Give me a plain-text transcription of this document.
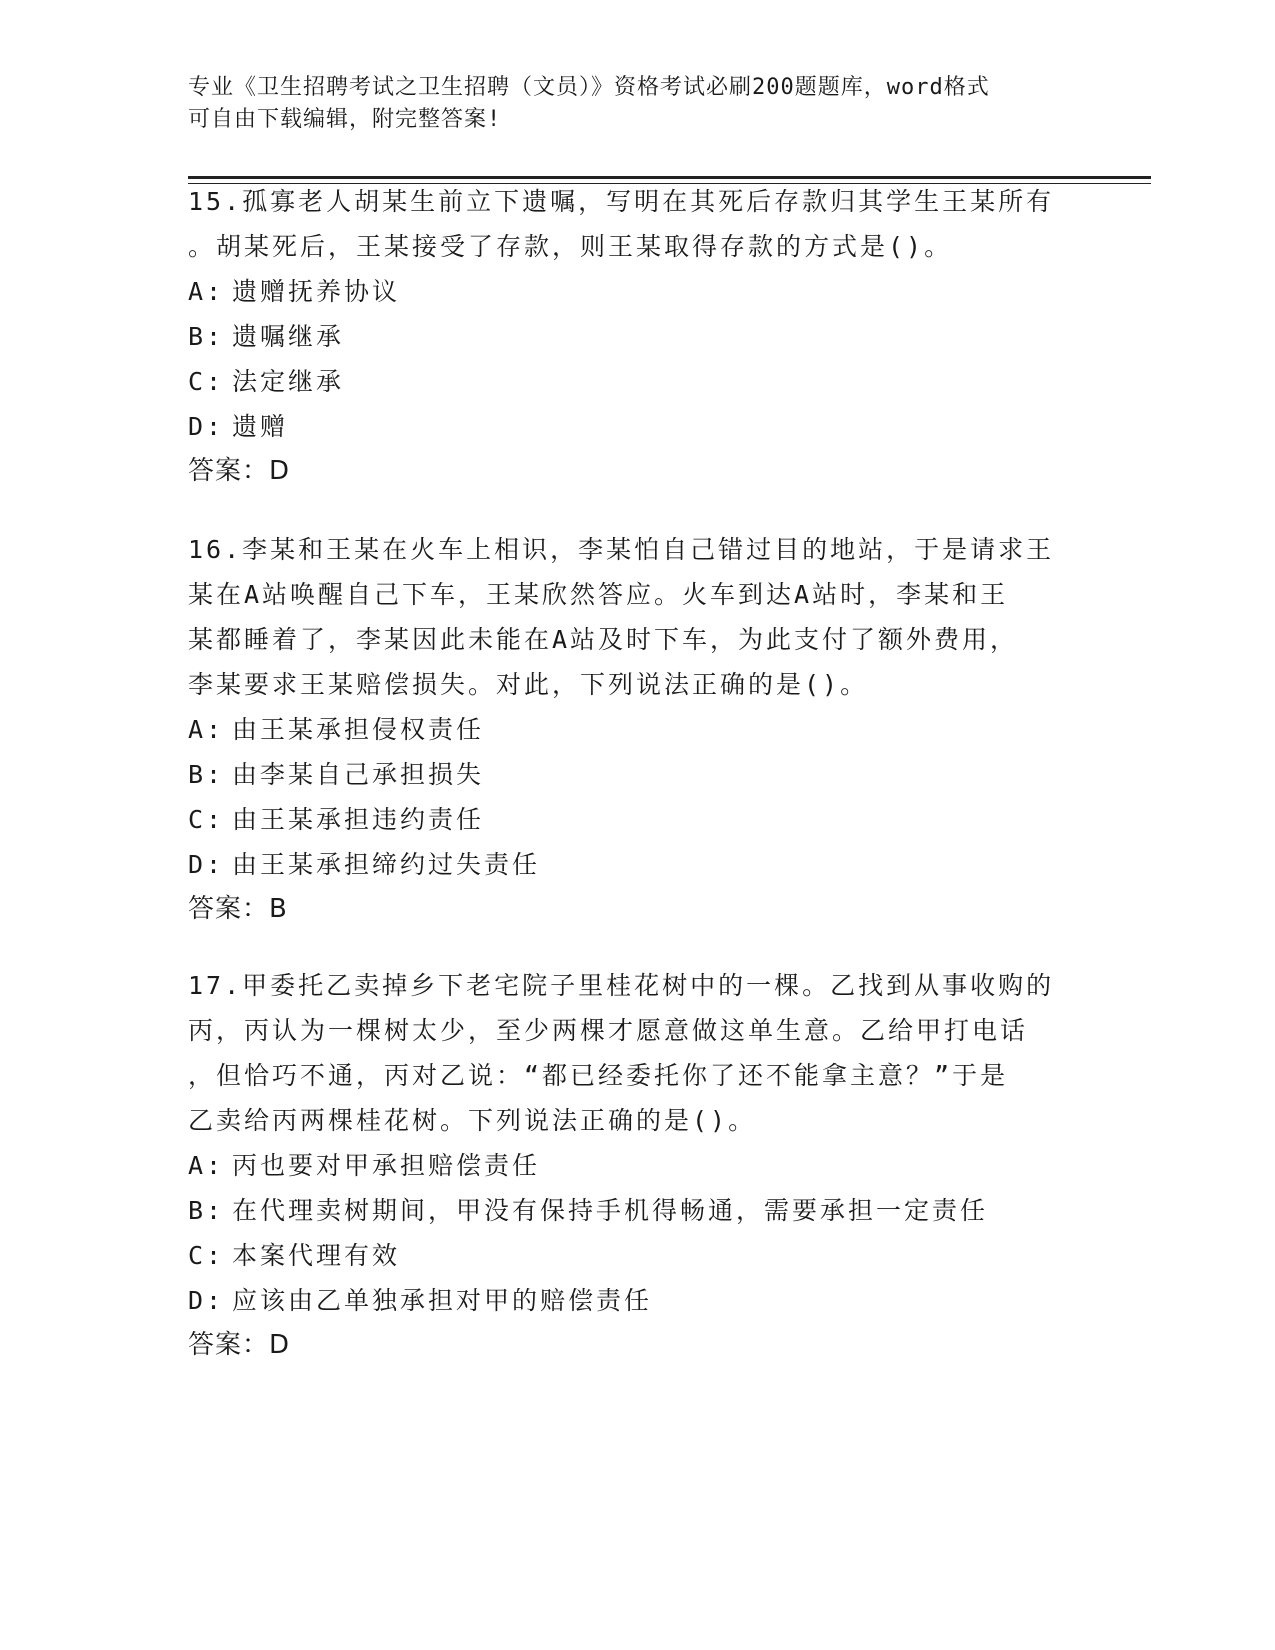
专业《卫生招聘考试之卫生招聘（文员）》资格考试必刷200题题库，word格式
可自由下载编辑，附完整答案!
15.孤寡老人胡某生前立下遗嘱，写明在其死后存款归其学生王某所有
。胡某死后，王某接受了存款，则王某取得存款的方式是()。
A: 遗赠抚养协议
B: 遗嘱继承
C: 法定继承
D: 遗赠
答案：D
16.李某和王某在火车上相识，李某怕自己错过目的地站，于是请求王
某在A站唤醒自己下车，王某欣然答应。火车到达A站时，李某和王
某都睡着了，李某因此未能在A站及时下车，为此支付了额外费用，
李某要求王某赔偿损失。对此，下列说法正确的是()。
A: 由王某承担侵权责任
B: 由李某自己承担损失
C: 由王某承担违约责任
D: 由王某承担缔约过失责任
答案：B
17.甲委托乙卖掉乡下老宅院子里桂花树中的一棵。乙找到从事收购的
丙，丙认为一棵树太少，至少两棵才愿意做这单生意。乙给甲打电话
，但恰巧不通，丙对乙说：“都已经委托你了还不能拿主意？”于是
乙卖给丙两棵桂花树。下列说法正确的是()。
A: 丙也要对甲承担赔偿责任
B: 在代理卖树期间，甲没有保持手机得畅通，需要承担一定责任
C: 本案代理有效
D: 应该由乙单独承担对甲的赔偿责任
答案：D
